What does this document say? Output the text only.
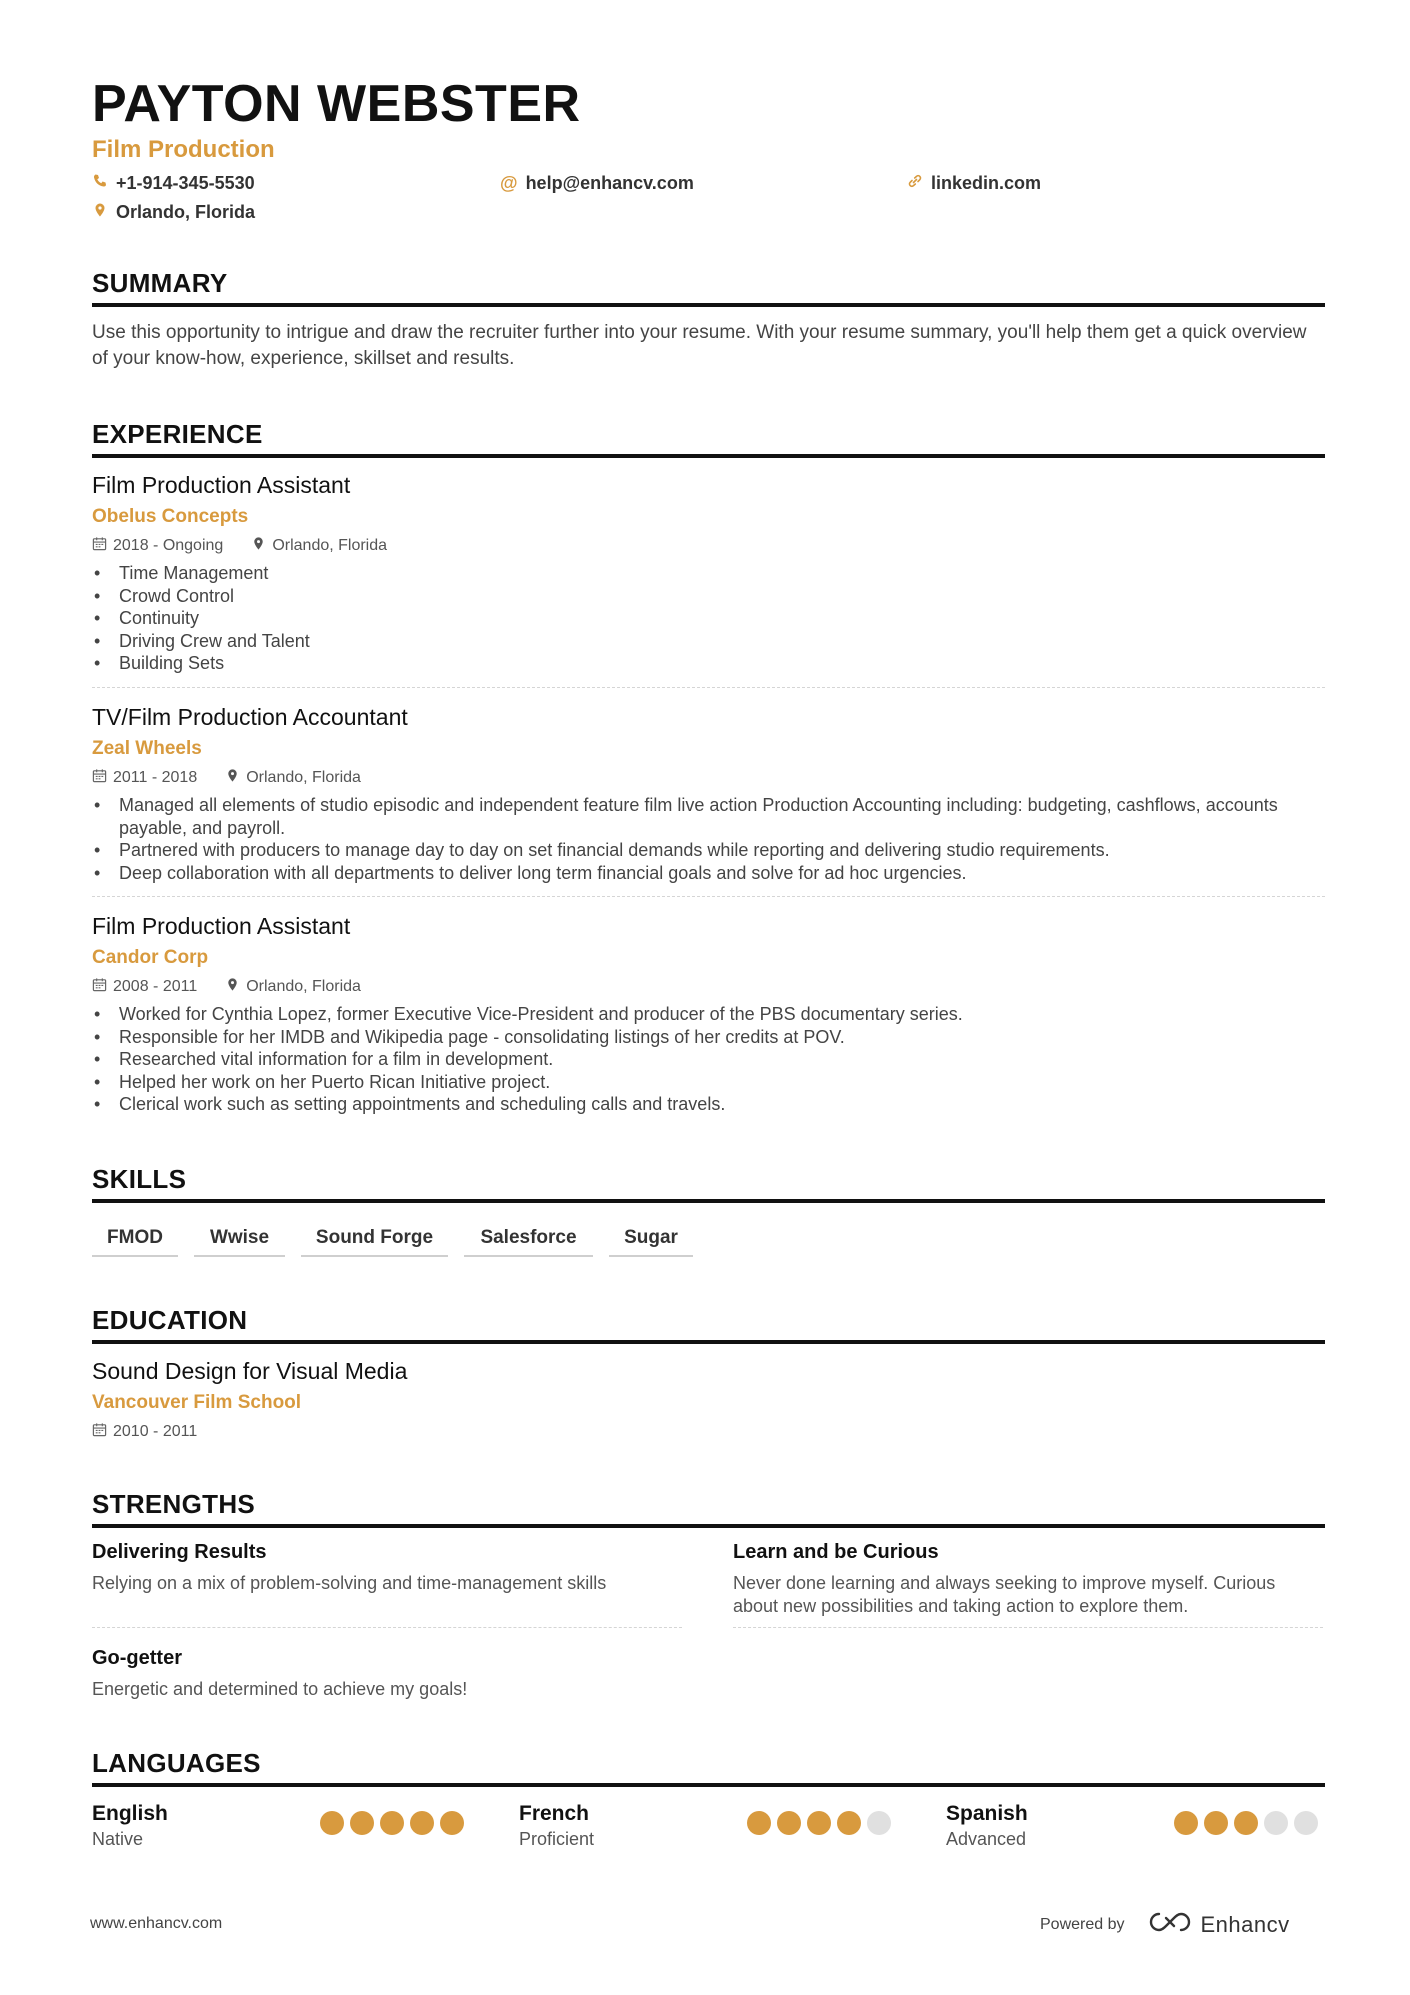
PAYTON WEBSTER
Film Production
+1-914-345-5530	@ help@enhancv.com	linkedin.com
Orlando, Florida
SUMMARY
Use this opportunity to intrigue and draw the recruiter further into your resume. With your resume summary, you'll help them get a quick overview of your know-how, experience, skillset and results.
EXPERIENCE
Film Production Assistant
Obelus Concepts
2018 - Ongoing	Orlando, Florida
• Time Management
• Crowd Control
• Continuity
• Driving Crew and Talent
• Building Sets
TV/Film Production Accountant
Zeal Wheels
2011 - 2018	Orlando, Florida
• Managed all elements of studio episodic and independent feature film live action Production Accounting including: budgeting, cashflows, accounts payable, and payroll.
• Partnered with producers to manage day to day on set financial demands while reporting and delivering studio requirements.
• Deep collaboration with all departments to deliver long term financial goals and solve for ad hoc urgencies.
Film Production Assistant
Candor Corp
2008 - 2011	Orlando, Florida
• Worked for Cynthia Lopez, former Executive Vice-President and producer of the PBS documentary series.
• Responsible for her IMDB and Wikipedia page - consolidating listings of her credits at POV.
• Researched vital information for a film in development.
• Helped her work on her Puerto Rican Initiative project.
• Clerical work such as setting appointments and scheduling calls and travels.
SKILLS
FMOD	Wwise	Sound Forge	Salesforce	Sugar
EDUCATION
Sound Design for Visual Media
Vancouver Film School
2010 - 2011
STRENGTHS
Delivering Results
Relying on a mix of problem-solving and time-management skills
Learn and be Curious
Never done learning and always seeking to improve myself. Curious about new possibilities and taking action to explore them.
Go-getter
Energetic and determined to achieve my goals!
LANGUAGES
English
Native
French
Proficient
Spanish
Advanced
www.enhancv.com	Powered by	Enhancv
